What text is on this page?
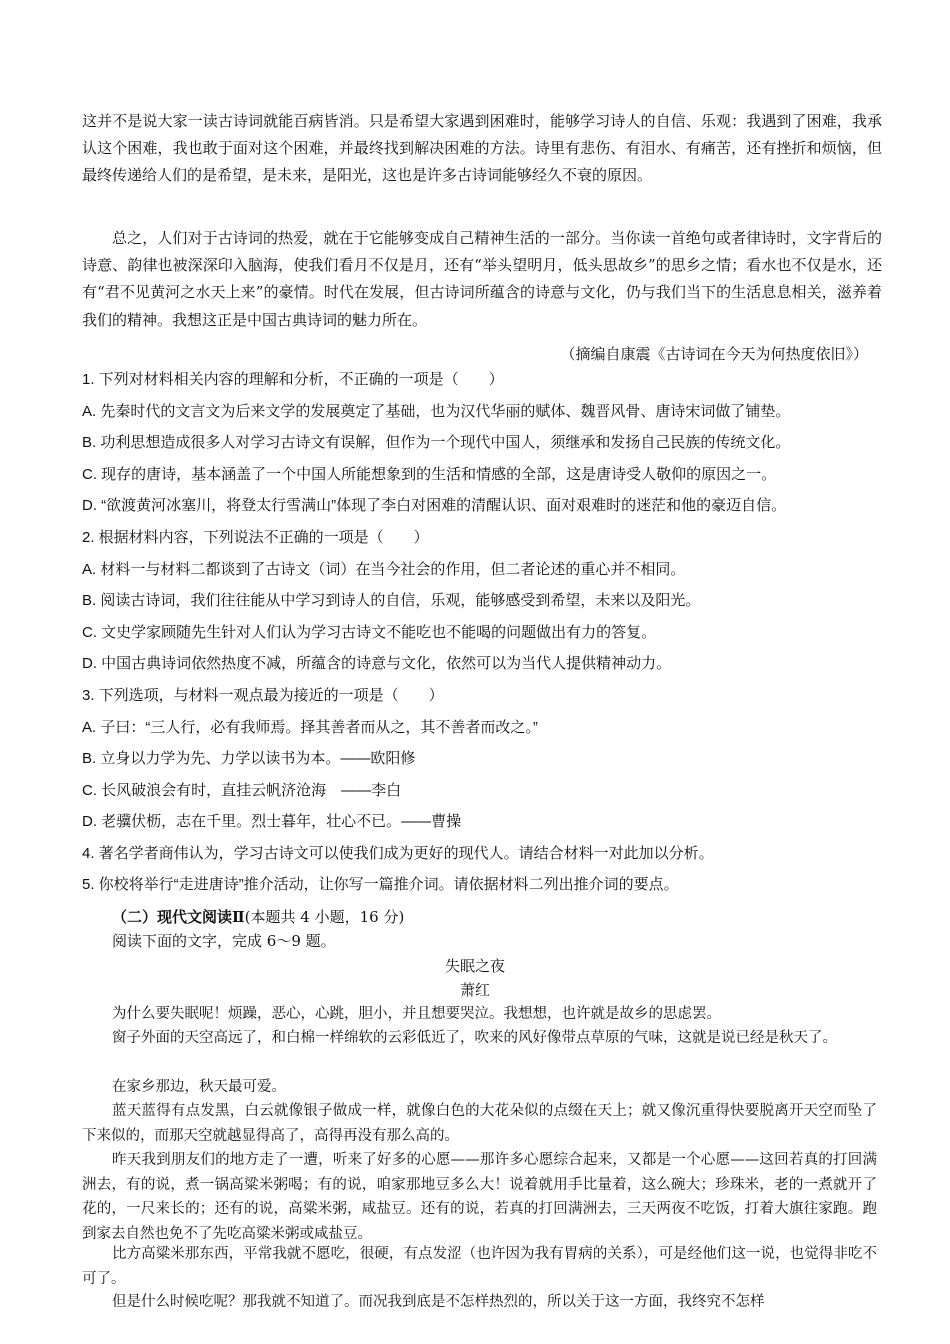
这并不是说大家一读古诗词就能百病皆消。只是希望大家遇到困难时，能够学习诗人的自信、乐观：我遇到了困难，我承认这个困难，我也敢于面对这个困难，并最终找到解决困难的方法。诗里有悲伤、有泪水、有痛苦，还有挫折和烦恼，但最终传递给人们的是希望，是未来，是阳光，这也是许多古诗词能够经久不衰的原因。

总之，人们对于古诗词的热爱，就在于它能够变成自己精神生活的一部分。当你读一首绝句或者律诗时，文字背后的诗意、韵律也被深深印入脑海，使我们看月不仅是月，还有“举头望明月，低头思故乡”的思乡之情；看水也不仅是水，还有“君不见黄河之水天上来”的豪情。时代在发展，但古诗词所蕴含的诗意与文化，仍与我们当下的生活息息相关，滋养着我们的精神。我想这正是中国古典诗词的魅力所在。

（摘编自康震《古诗词在今天为何热度依旧》）

1. 下列对材料相关内容的理解和分析，不正确的一项是（　　）

A. 先秦时代的文言文为后来文学的发展奠定了基础，也为汉代华丽的赋体、魏晋风骨、唐诗宋词做了铺垫。

B. 功利思想造成很多人对学习古诗文有误解，但作为一个现代中国人，须继承和发扬自己民族的传统文化。

C. 现存的唐诗，基本涵盖了一个中国人所能想象到的生活和情感的全部，这是唐诗受人敬仰的原因之一。

D. “欲渡黄河冰塞川，将登太行雪满山”体现了李白对困难的清醒认识、面对艰难时的迷茫和他的豪迈自信。

2. 根据材料内容，下列说法不正确的一项是（　　）

A. 材料一与材料二都谈到了古诗文（词）在当今社会的作用，但二者论述的重心并不相同。

B. 阅读古诗词，我们往往能从中学习到诗人的自信，乐观，能够感受到希望，未来以及阳光。

C. 文史学家顾随先生针对人们认为学习古诗文不能吃也不能喝的问题做出有力的答复。

D. 中国古典诗词依然热度不减，所蕴含的诗意与文化，依然可以为当代人提供精神动力。

3. 下列选项，与材料一观点最为接近的一项是（　　）

A. 子曰：“三人行，必有我师焉。择其善者而从之，其不善者而改之。”

B. 立身以力学为先、力学以读书为本。——欧阳修

C. 长风破浪会有时，直挂云帆济沧海　——李白

D. 老骥伏枥，志在千里。烈士暮年，壮心不已。——曹操

4. 著名学者商伟认为，学习古诗文可以使我们成为更好的现代人。请结合材料一对此加以分析。

5. 你校将举行“走进唐诗”推介活动，让你写一篇推介词。请依据材料二列出推介词的要点。

（二）现代文阅读Ⅱ(本题共 4 小题，16 分)
阅读下面的文字，完成 6～9 题。
失眠之夜
萧红

为什么要失眠呢！烦躁，恶心，心跳，胆小，并且想要哭泣。我想想，也许就是故乡的思虑罢。

窗子外面的天空高远了，和白棉一样绵软的云彩低近了，吹来的风好像带点草原的气味，这就是说已经是秋天了。

在家乡那边，秋天最可爱。

蓝天蓝得有点发黑，白云就像银子做成一样，就像白色的大花朵似的点缀在天上；就又像沉重得快要脱离开天空而坠了下来似的，而那天空就越显得高了，高得再没有那么高的。

昨天我到朋友们的地方走了一遭，听来了好多的心愿——那许多心愿综合起来，又都是一个心愿——这回若真的打回满洲去，有的说，煮一锅高粱米粥喝；有的说，咱家那地豆多么大！说着就用手比量着，这么碗大；珍珠米，老的一煮就开了花的，一尺来长的；还有的说，高粱米粥，咸盐豆。还有的说，若真的打回满洲去，三天两夜不吃饭，打着大旗往家跑。跑到家去自然也免不了先吃高粱米粥或咸盐豆。

比方高粱米那东西，平常我就不愿吃，很硬，有点发涩（也许因为我有胃病的关系），可是经他们这一说，也觉得非吃不可了。

但是什么时候吃呢？那我就不知道了。而况我到底是不怎样热烈的，所以关于这一方面，我终究不怎样
